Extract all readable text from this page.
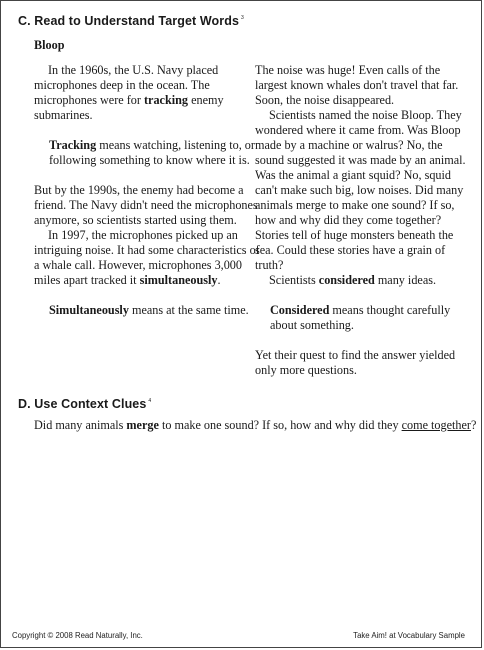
C. Read to Understand Target Words $^3$
Bloop

In the 1960s, the U.S. Navy placed microphones deep in the ocean. The microphones were for tracking enemy submarines.

Tracking means watching, listening to, or following something to know where it is.

But by the 1990s, the enemy had become a friend. The Navy didn't need the microphones anymore, so scientists started using them.

In 1997, the microphones picked up an intriguing noise. It had some characteristics of a whale call. However, microphones 3,000 miles apart tracked it simultaneously.

Simultaneously means at the same time.

The noise was huge! Even calls of the largest known whales don't travel that far. Soon, the noise disappeared.

Scientists named the noise Bloop. They wondered where it came from. Was Bloop made by a machine or walrus? No, the sound suggested it was made by an animal. Was the animal a giant squid? No, squid can't make such big, low noises. Did many animals merge to make one sound? If so, how and why did they come together? Stories tell of huge monsters beneath the sea. Could these stories have a grain of truth?

Scientists considered many ideas.

Considered means thought carefully about something.

Yet their quest to find the answer yielded only more questions.

D. Use Context Clues $^4$
Did many animals merge to make one sound? If so, how and why did they come together?
Copyright © 2008 Read Naturally, Inc.	Take Aim! at Vocabulary Sample
